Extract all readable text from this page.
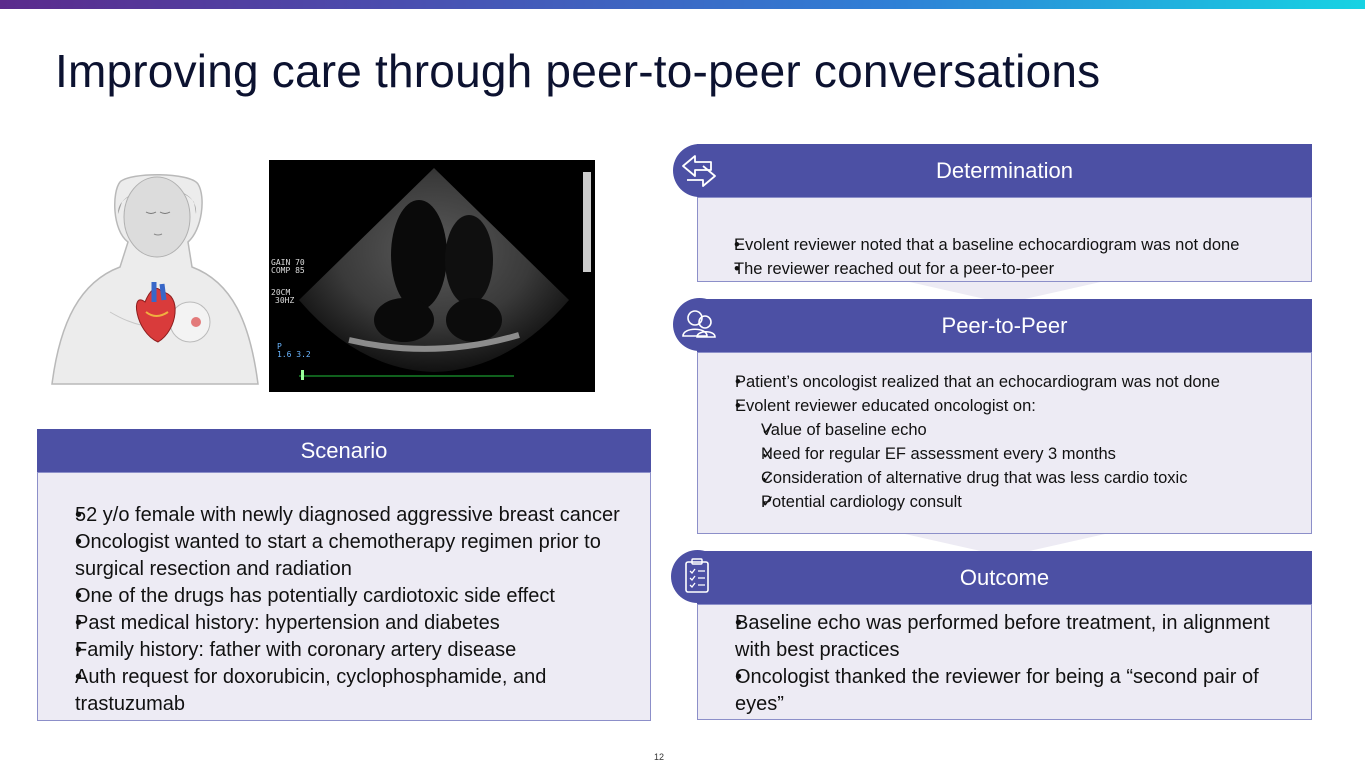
Improving care through peer-to-peer conversations
GAIN 70
COMP 85
20CM
30HZ
P
1.6 3.2
Scenario
• 52 y/o female with newly diagnosed aggressive breast cancer
• Oncologist wanted to start a chemotherapy regimen prior to surgical resection and radiation
• One of the drugs has potentially cardiotoxic side effect
• Past medical history: hypertension and diabetes
• Family history: father with coronary artery disease
• Auth request for doxorubicin, cyclophosphamide, and trastuzumab
Determination
• Evolent reviewer noted that a baseline echocardiogram was not done
• The reviewer reached out for a peer-to-peer
Peer-to-Peer
• Patient’s oncologist realized that an echocardiogram was not done
• Evolent reviewer educated oncologist on:
✓ Value of baseline echo
✓ Need for regular EF assessment every 3 months
✓ Consideration of alternative drug that was less cardio toxic
✓ Potential cardiology consult
Outcome
• Baseline echo was performed before treatment, in alignment with best practices
• Oncologist thanked the reviewer for being a “second pair of eyes”
12
